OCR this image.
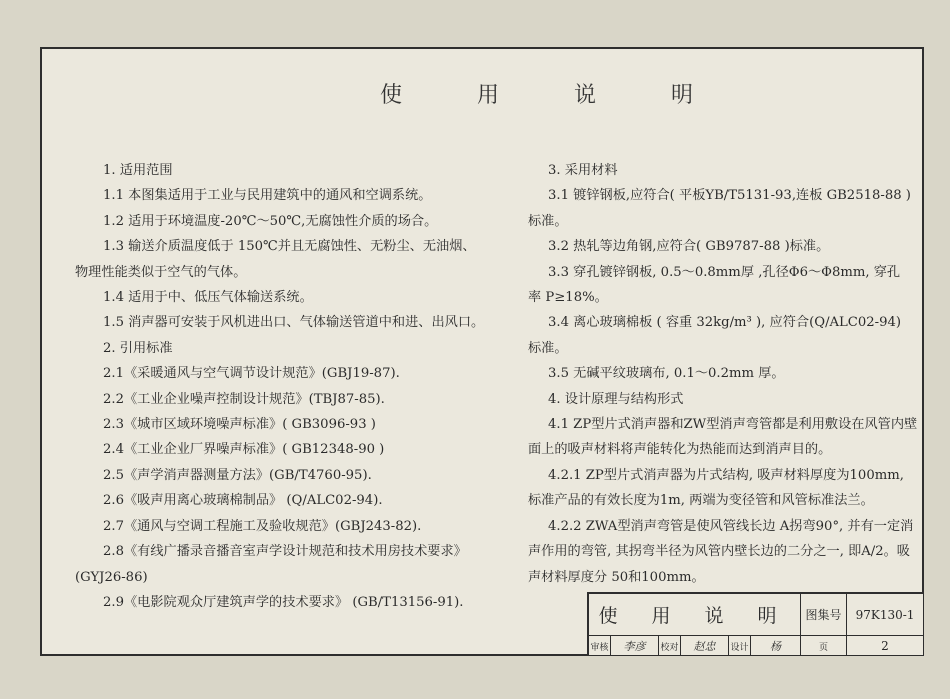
使 用 说 明
1. 适用范围
1.1 本图集适用于工业与民用建筑中的通风和空调系统。
1.2 适用于环境温度-20℃～50℃,无腐蚀性介质的场合。
1.3 输送介质温度低于 150℃并且无腐蚀性、无粉尘、无油烟、
物理性能类似于空气的气体。
1.4 适用于中、低压气体输送系统。
1.5 消声器可安装于风机进出口、气体输送管道中和进、出风口。
2. 引用标准
2.1《采暖通风与空气调节设计规范》(GBJ19-87).
2.2《工业企业噪声控制设计规范》(TBJ87-85).
2.3《城市区域环境噪声标准》( GB3096-93 )
2.4《工业企业厂界噪声标准》( GB12348-90 )
2.5《声学消声器测量方法》(GB/T4760-95).
2.6《吸声用离心玻璃棉制品》 (Q/ALC02-94).
2.7《通风与空调工程施工及验收规范》(GBJ243-82).
2.8《有线广播录音播音室声学设计规范和技术用房技术要求》
(GYJ26-86)
2.9《电影院观众厅建筑声学的技术要求》 (GB/T13156-91).
3. 采用材料
3.1 镀锌钢板,应符合( 平板YB/T5131-93,连板 GB2518-88 )
标准。
3.2 热轧等边角钢,应符合( GB9787-88 )标准。
3.3 穿孔镀锌钢板, 0.5～0.8mm厚 ,孔径Φ6～Φ8mm, 穿孔
率 P≥18%。
3.4 离心玻璃棉板 ( 容重 32kg/m³ ), 应符合(Q/ALC02-94)
标准。
3.5 无碱平纹玻璃布, 0.1～0.2mm 厚。
4. 设计原理与结构形式
4.1 ZP型片式消声器和ZW型消声弯管都是利用敷设在风管内壁
面上的吸声材料将声能转化为热能而达到消声目的。
4.2.1 ZP型片式消声器为片式结构, 吸声材料厚度为100mm,
标准产品的有效长度为1m, 两端为变径管和风管标准法兰。
4.2.2 ZWA型消声弯管是使风管线长边 A拐弯90°, 并有一定消
声作用的弯管, 其拐弯半径为风管内壁长边的二分之一, 即A/2。吸
声材料厚度分 50和100mm。
使 用 说 明	图集号	97K130-1
审核	李彦	校对	赵忠	设计	杨	页	2
